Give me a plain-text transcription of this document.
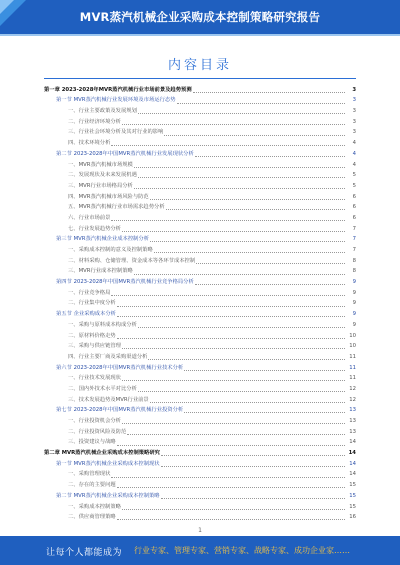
MVR蒸汽机械企业采购成本控制策略研究报告
内容目录
第一章 2023-2028年MVR蒸汽机械行业市场前景及趋势预测	3
第一节 MVR蒸汽机械行业发展环境及市场运行态势	3
一、行业主要政策及发展规划	3
二、行业经济环境分析	3
三、行业社会环境分析及其对行业的影响	3
四、技术环境分析	4
第二节 2023-2028年中国MVR蒸汽机械行业发展现状分析	4
一、MVR蒸汽机械市场规模	4
二、发展现状及未来发展机遇	5
三、MVR行业市场格局分析	5
四、MVR蒸汽机械市场风险与防范	6
五、MVR蒸汽机械行业市场需求趋势分析	6
六、行业市场前景	6
七、行业发展趋势分析	7
第三节 MVR蒸汽机械企业成本控制分析	7
一、采购成本控制的意义及控制策略	7
二、材料采购、仓储管理、资金成本等各环节成本控制	8
三、MVR行业成本控制策略	8
第四节 2023-2028年中国MVR蒸汽机械行业竞争格局分析	9
一、行业竞争格局	9
二、行业集中度分析	9
第五节 企业采购成本分析	9
一、采购与原料成本构成分析	9
二、原材料价格走势	10
三、采购与供应链管理	10
四、行业主要厂商及采购渠道分析	11
第六节 2023-2028年中国MVR蒸汽机械行业技术分析	11
一、行业技术发展现状	11
二、国内外技术水平对比分析	12
三、技术发展趋势及MVR行业前景	12
第七节 2023-2028年中国MVR蒸汽机械行业投资分析	13
一、行业投资机会分析	13
二、行业投资风险及防范	13
三、投资建议与战略	14
第二章 MVR蒸汽机械企业采购成本控制策略研究	14
第一节 MVR蒸汽机械企业采购成本控制现状	14
一、采购管理现状	14
二、存在的主要问题	15
第二节 MVR蒸汽机械企业采购成本控制策略	15
一、采购成本控制策略	15
二、供应商管理策略	16
1
让每个人都能成为 行业专家、管理专家、营销专家、战略专家、成功企业家……
